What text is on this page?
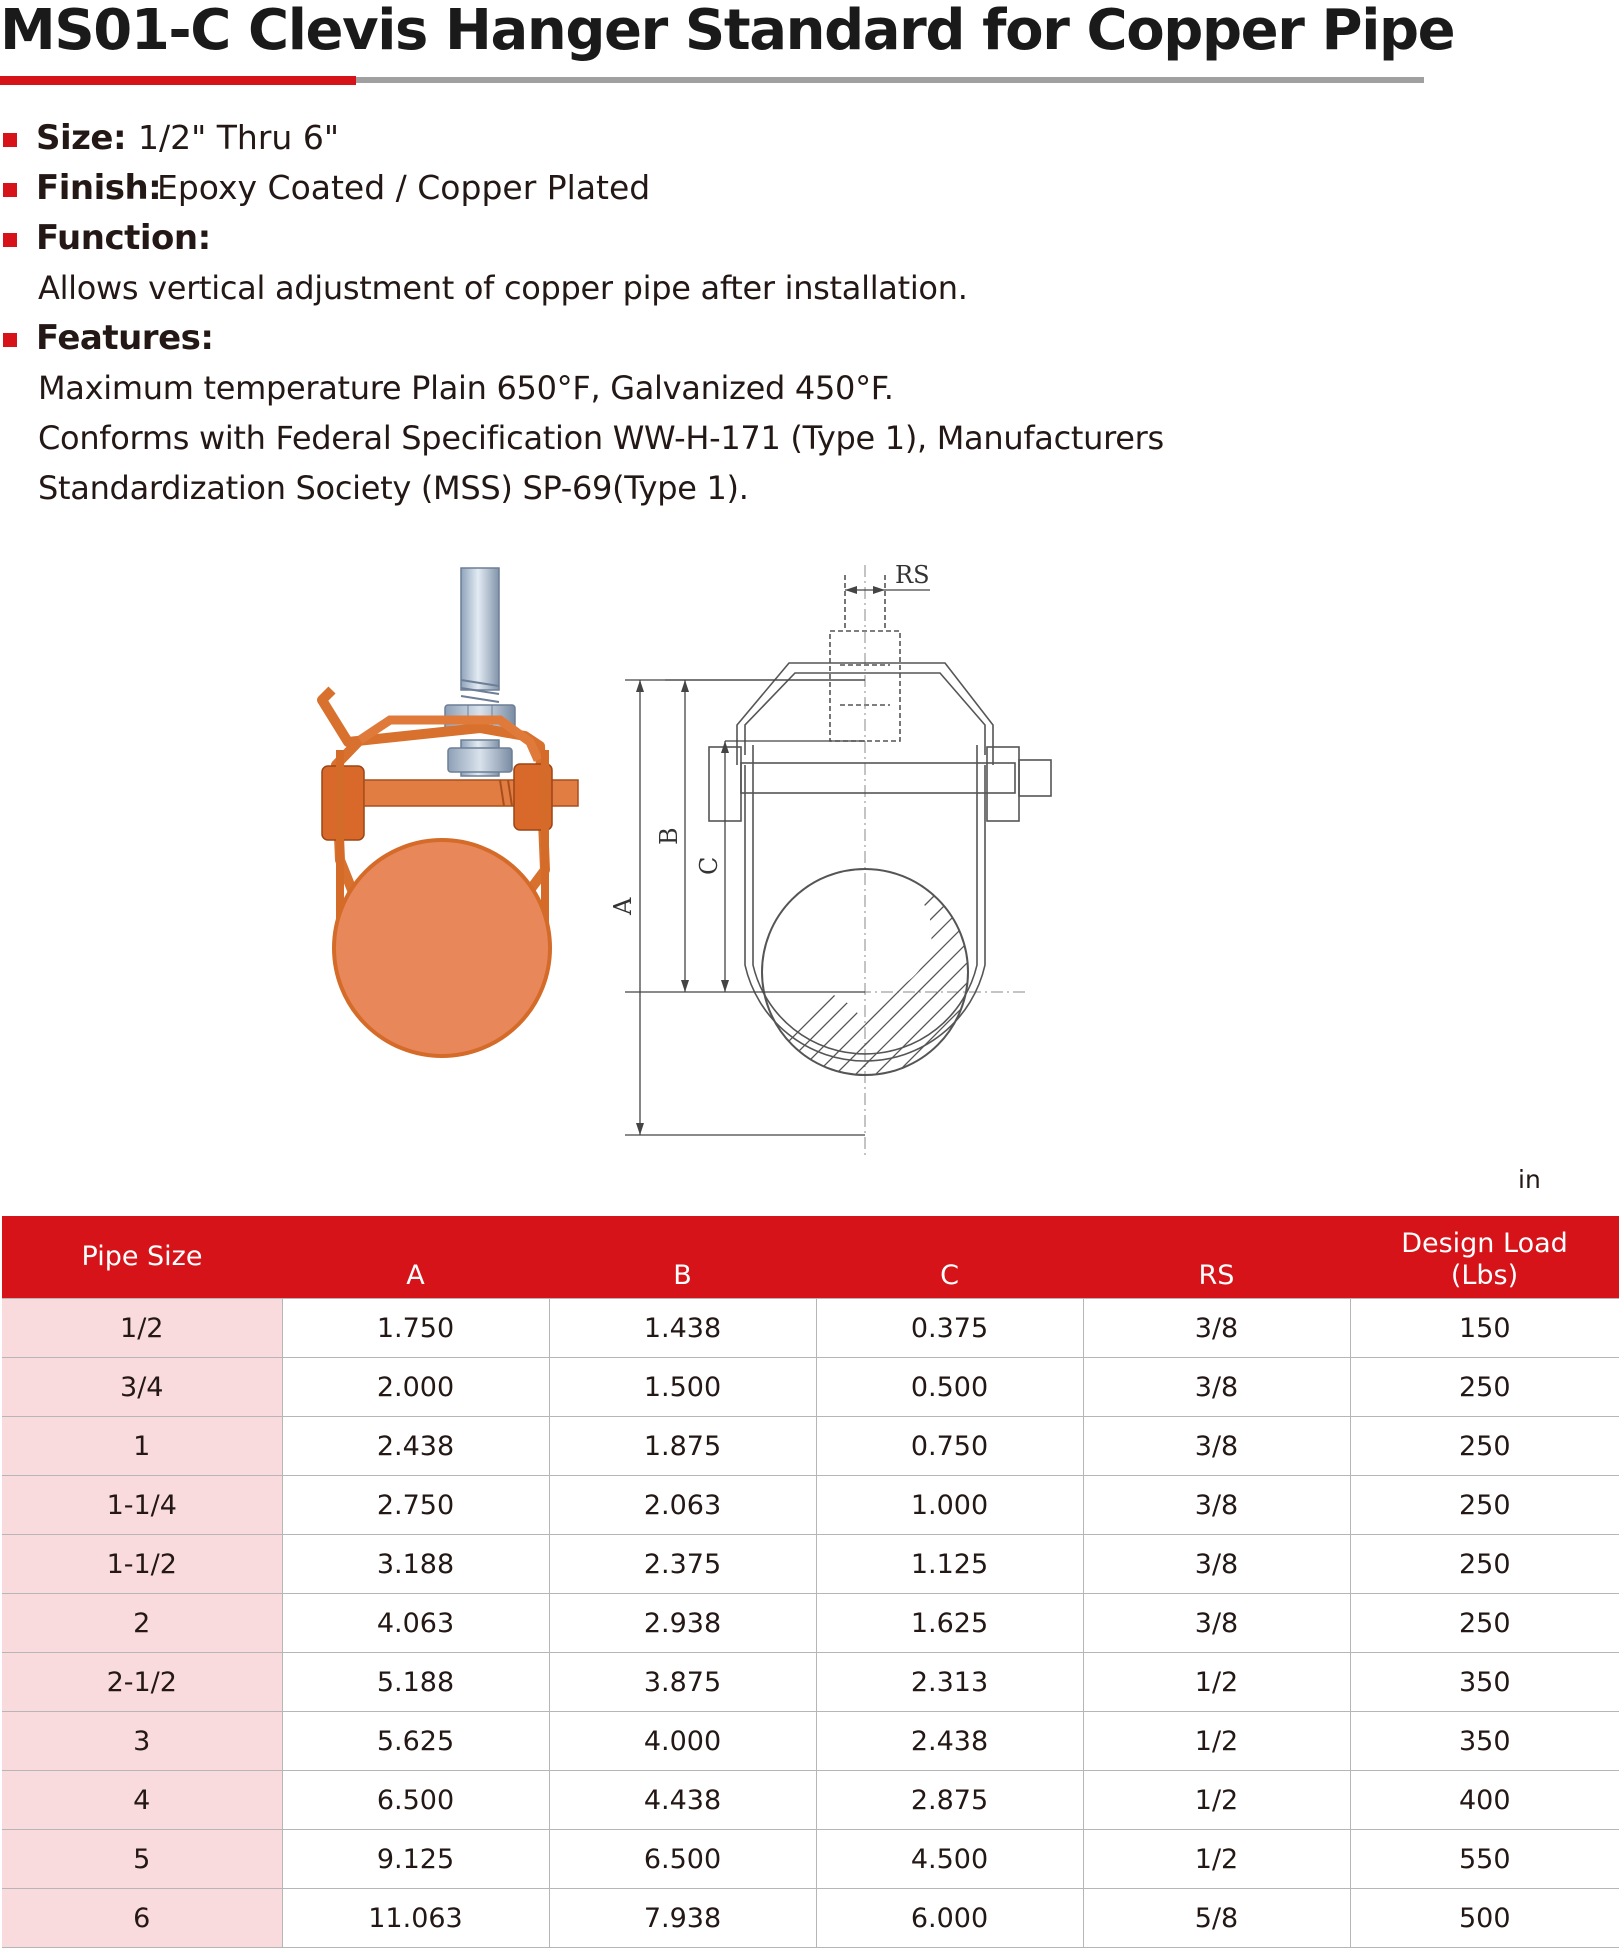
MS01-C Clevis Hanger Standard for Copper Pipe
Size: 1/2" Thru 6"
Finish:
Epoxy Coated / Copper Plated
Function:
Allows vertical adjustment of copper pipe after installation.
Features:
Maximum temperature Plain 650°F, Galvanized 450°F.
Conforms with Federal Specification WW-H-171 (Type 1), Manufacturers
Standardization Society (MSS) SP-69(Type 1).
RS
A
B
C
in
Pipe Size	A	B	C	RS	Design Load
(Lbs)
1/2	1.750	1.438	0.375	3/8	150
3/4	2.000	1.500	0.500	3/8	250
1	2.438	1.875	0.750	3/8	250
1-1/4	2.750	2.063	1.000	3/8	250
1-1/2	3.188	2.375	1.125	3/8	250
2	4.063	2.938	1.625	3/8	250
2-1/2	5.188	3.875	2.313	1/2	350
3	5.625	4.000	2.438	1/2	350
4	6.500	4.438	2.875	1/2	400
5	9.125	6.500	4.500	1/2	550
6	11.063	7.938	6.000	5/8	500
